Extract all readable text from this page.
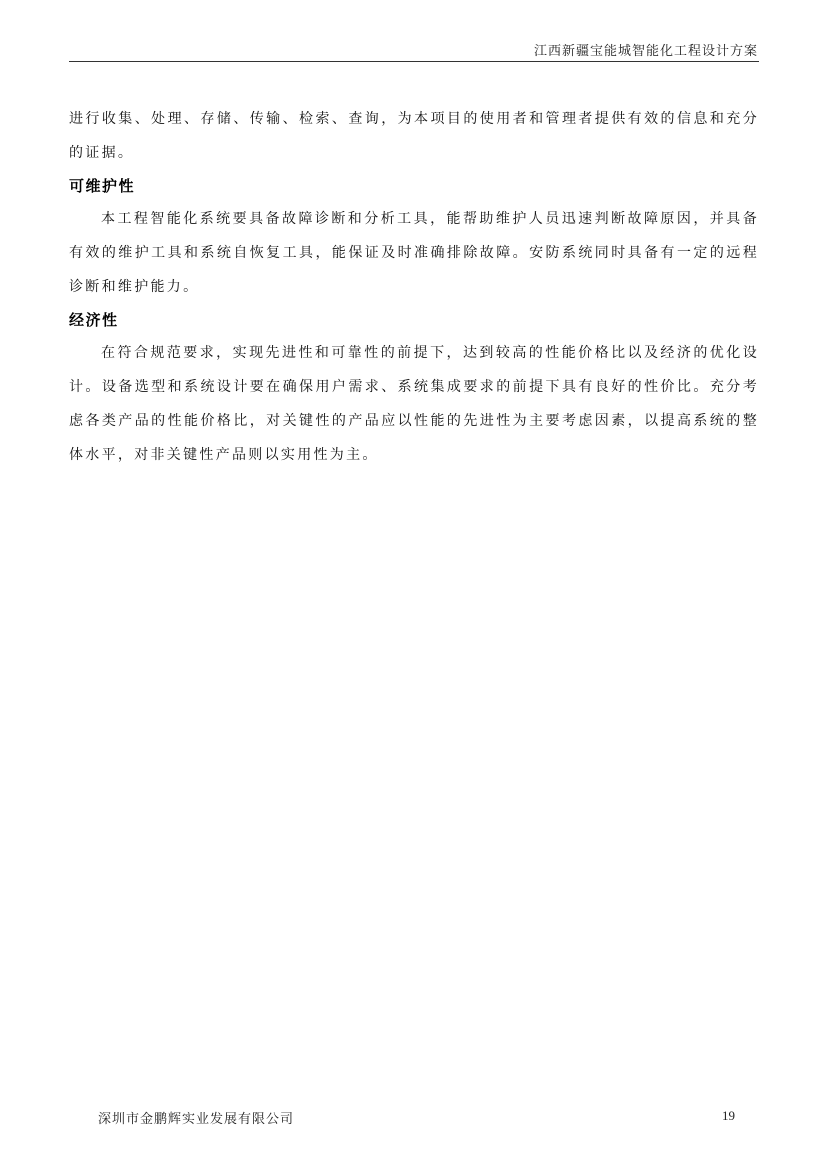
江西新疆宝能城智能化工程设计方案

进行收集、处理、存储、传输、检索、查询，为本项目的使用者和管理者提供有效的信息和充分的证据。

可维护性

本工程智能化系统要具备故障诊断和分析工具，能帮助维护人员迅速判断故障原因，并具备有效的维护工具和系统自恢复工具，能保证及时准确排除故障。安防系统同时具备有一定的远程诊断和维护能力。

经济性

在符合规范要求，实现先进性和可靠性的前提下，达到较高的性能价格比以及经济的优化设计。设备选型和系统设计要在确保用户需求、系统集成要求的前提下具有良好的性价比。充分考虑各类产品的性能价格比，对关键性的产品应以性能的先进性为主要考虑因素，以提高系统的整体水平，对非关键性产品则以实用性为主。

深圳市金鹏辉实业发展有限公司	19
